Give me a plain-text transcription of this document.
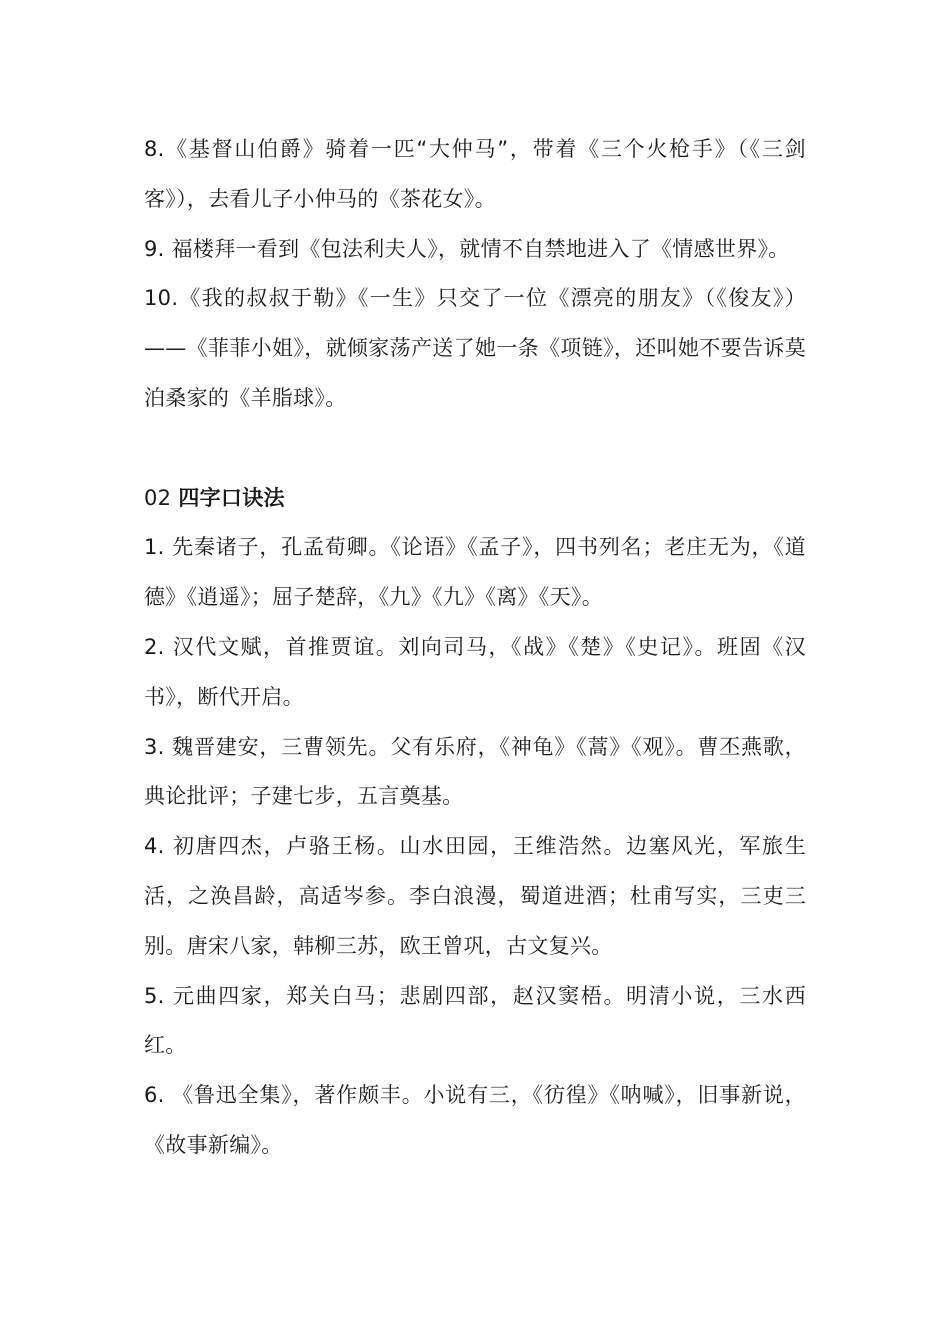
8.《基督山伯爵》骑着一匹“大仲马”，带着《三个火枪手》（《三剑客》），去看儿子小仲马的《茶花女》。

9. 福楼拜一看到《包法利夫人》，就情不自禁地进入了《情感世界》。

10.《我的叔叔于勒》《一生》只交了一位《漂亮的朋友》（《俊友》）——《菲菲小姐》，就倾家荡产送了她一条《项链》，还叫她不要告诉莫泊桑家的《羊脂球》。

02 四字口诀法

1. 先秦诸子，孔孟荀卿。《论语》《孟子》，四书列名；老庄无为，《道德》《逍遥》；屈子楚辞，《九》《九》《离》《天》。

2. 汉代文赋，首推贾谊。刘向司马，《战》《楚》《史记》。班固《汉书》，断代开启。

3. 魏晋建安，三曹领先。父有乐府，《神龟》《蒿》《观》。曹丕燕歌，典论批评；子建七步，五言奠基。

4. 初唐四杰，卢骆王杨。山水田园，王维浩然。边塞风光，军旅生活，之涣昌龄，高适岑参。李白浪漫，蜀道进酒；杜甫写实，三吏三别。唐宋八家，韩柳三苏，欧王曾巩，古文复兴。

5. 元曲四家，郑关白马；悲剧四部，赵汉窦梧。明清小说，三水西红。

6. 《鲁迅全集》，著作颇丰。小说有三，《彷徨》《呐喊》，旧事新说，《故事新编》。
